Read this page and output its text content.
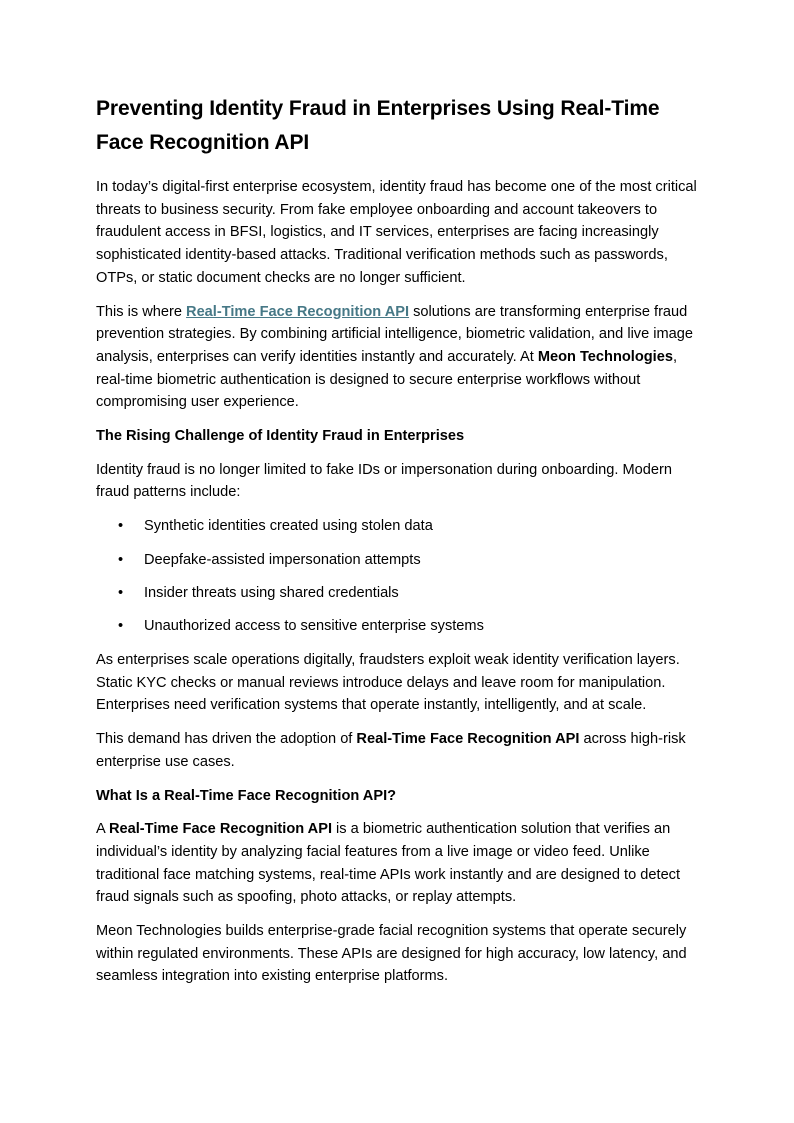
Preventing Identity Fraud in Enterprises Using Real-Time Face Recognition API

In today’s digital-first enterprise ecosystem, identity fraud has become one of the most critical threats to business security. From fake employee onboarding and account takeovers to fraudulent access in BFSI, logistics, and IT services, enterprises are facing increasingly sophisticated identity-based attacks. Traditional verification methods such as passwords, OTPs, or static document checks are no longer sufficient.

This is where Real-Time Face Recognition API solutions are transforming enterprise fraud prevention strategies. By combining artificial intelligence, biometric validation, and live image analysis, enterprises can verify identities instantly and accurately. At Meon Technologies, real-time biometric authentication is designed to secure enterprise workflows without compromising user experience.

The Rising Challenge of Identity Fraud in Enterprises

Identity fraud is no longer limited to fake IDs or impersonation during onboarding. Modern fraud patterns include:

• Synthetic identities created using stolen data
• Deepfake-assisted impersonation attempts
• Insider threats using shared credentials
• Unauthorized access to sensitive enterprise systems

As enterprises scale operations digitally, fraudsters exploit weak identity verification layers. Static KYC checks or manual reviews introduce delays and leave room for manipulation. Enterprises need verification systems that operate instantly, intelligently, and at scale.

This demand has driven the adoption of Real-Time Face Recognition API across high-risk enterprise use cases.

What Is a Real-Time Face Recognition API?

A Real-Time Face Recognition API is a biometric authentication solution that verifies an individual’s identity by analyzing facial features from a live image or video feed. Unlike traditional face matching systems, real-time APIs work instantly and are designed to detect fraud signals such as spoofing, photo attacks, or replay attempts.

Meon Technologies builds enterprise-grade facial recognition systems that operate securely within regulated environments. These APIs are designed for high accuracy, low latency, and seamless integration into existing enterprise platforms.
